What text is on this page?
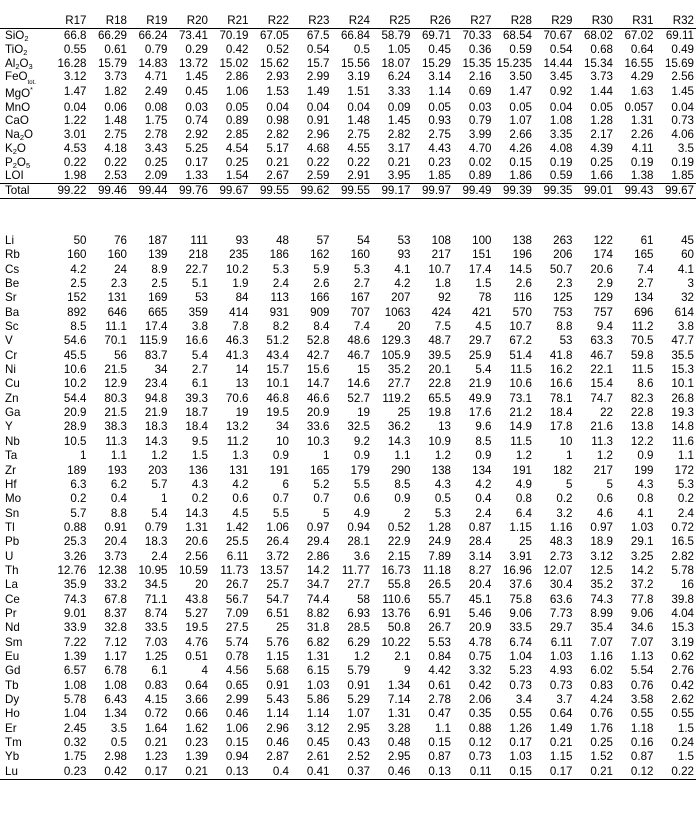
	R17	R18	R19	R20	R21	R22	R23	R24	R25	R26	R27	R28	R29	R30	R31	R32
SiO$_2$	66.8	66.29	66.24	73.41	70.19	67.05	67.5	66.84	58.79	69.71	70.33	68.54	70.67	68.02	67.02	69.11
TiO$_2$	0.55	0.61	0.79	0.29	0.42	0.52	0.54	0.5	1.05	0.45	0.36	0.59	0.54	0.68	0.64	0.49
$Al_2O_3$	16.28	15.79	14.83	13.72	15.02	15.62	15.7	15.56	18.07	15.29	15.35	15.235	14.44	15.34	16.55	15.69
FeO$_{tot.}$	3.12	3.73	4.71	1.45	2.86	2.93	2.99	3.19	6.24	3.14	2.16	3.50	3.45	3.73	4.29	2.56
MgO*	1.47	1.82	2.49	0.45	1.06	1.53	1.49	1.51	3.33	1.14	0.69	1.47	0.92	1.44	1.63	1.45
MnO	0.04	0.06	0.08	0.03	0.05	0.04	0.04	0.04	0.09	0.05	0.03	0.05	0.04	0.05	0.057	0.04
CaO	1.22	1.48	1.75	0.74	0.89	0.98	0.91	1.48	1.45	0.93	0.79	1.07	1.08	1.28	1.31	0.73
$Na_2O$	3.01	2.75	2.78	2.92	2.85	2.82	2.96	2.75	2.82	2.75	3.99	2.66	3.35	2.17	2.26	4.06
$K_2O$	4.53	4.18	3.43	5.25	4.54	5.17	4.68	4.55	3.17	4.43	4.70	4.26	4.08	4.39	4.11	3.5
$P_2O_5$	0.22	0.22	0.25	0.17	0.25	0.21	0.22	0.22	0.21	0.23	0.02	0.15	0.19	0.25	0.19	0.19
LOI	1.98	2.53	2.09	1.33	1.54	2.67	2.59	2.91	3.95	1.85	0.89	1.86	0.59	1.66	1.38	1.85
Total	99.22	99.46	99.44	99.76	99.67	99.55	99.62	99.55	99.17	99.97	99.49	99.39	99.35	99.01	99.43	99.67
Li	50	76	187	111	93	48	57	54	53	108	100	138	263	122	61	45
Rb	160	160	139	218	235	186	162	160	93	217	151	196	206	174	165	60
Cs	4.2	24	8.9	22.7	10.2	5.3	5.9	5.3	4.1	10.7	17.4	14.5	50.7	20.6	7.4	4.1
Be	2.5	2.3	2.5	5.1	1.9	2.4	2.6	2.7	4.2	1.8	1.5	2.6	2.3	2.9	2.7	3
Sr	152	131	169	53	84	113	166	167	207	92	78	116	125	129	134	32
Ba	892	646	665	359	414	931	909	707	1063	424	421	570	753	757	696	614
Sc	8.5	11.1	17.4	3.8	7.8	8.2	8.4	7.4	20	7.5	4.5	10.7	8.8	9.4	11.2	3.8
V	54.6	70.1	115.9	16.6	46.3	51.2	52.8	48.6	129.3	48.7	29.7	67.2	53	63.3	70.5	47.7
Cr	45.5	56	83.7	5.4	41.3	43.4	42.7	46.7	105.9	39.5	25.9	51.4	41.8	46.7	59.8	35.5
Ni	10.6	21.5	34	2.7	14	15.7	15.6	15	35.2	20.1	5.4	11.5	16.2	22.1	11.5	15.3
Cu	10.2	12.9	23.4	6.1	13	10.1	14.7	14.6	27.7	22.8	21.9	10.6	16.6	15.4	8.6	10.1
Zn	54.4	80.3	94.8	39.3	70.6	46.8	46.6	52.7	119.2	65.5	49.9	73.1	78.1	74.7	82.3	26.8
Ga	20.9	21.5	21.9	18.7	19	19.5	20.9	19	25	19.8	17.6	21.2	18.4	22	22.8	19.3
Y	28.9	38.3	18.3	18.4	13.2	34	33.6	32.5	36.2	13	9.6	14.9	17.8	21.6	13.8	14.8
Nb	10.5	11.3	14.3	9.5	11.2	10	10.3	9.2	14.3	10.9	8.5	11.5	10	11.3	12.2	11.6
Ta	1	1.1	1.2	1.5	1.3	0.9	1	0.9	1.1	1.2	0.9	1.2	1	1.2	0.9	1.1
Zr	189	193	203	136	131	191	165	179	290	138	134	191	182	217	199	172
Hf	6.3	6.2	5.7	4.3	4.2	6	5.2	5.5	8.5	4.3	4.2	4.9	5	5	4.3	5.3
Mo	0.2	0.4	1	0.2	0.6	0.7	0.7	0.6	0.9	0.5	0.4	0.8	0.2	0.6	0.8	0.2
Sn	5.7	8.8	5.4	14.3	4.5	5.5	5	4.9	2	5.3	2.4	6.4	3.2	4.6	4.1	2.4
Tl	0.88	0.91	0.79	1.31	1.42	1.06	0.97	0.94	0.52	1.28	0.87	1.15	1.16	0.97	1.03	0.72
Pb	25.3	20.4	18.3	20.6	25.5	26.4	29.4	28.1	22.9	24.9	28.4	25	48.3	18.9	29.1	16.5
U	3.26	3.73	2.4	2.56	6.11	3.72	2.86	3.6	2.15	7.89	3.14	3.91	2.73	3.12	3.25	2.82
Th	12.76	12.38	10.95	10.59	11.73	13.57	14.2	11.77	16.73	11.18	8.27	16.96	12.07	12.5	14.2	5.78
La	35.9	33.2	34.5	20	26.7	25.7	34.7	27.7	55.8	26.5	20.4	37.6	30.4	35.2	37.2	16
Ce	74.3	67.8	71.1	43.8	56.7	54.7	74.4	58	110.6	55.7	45.1	75.8	63.6	74.3	77.8	39.8
Pr	9.01	8.37	8.74	5.27	7.09	6.51	8.82	6.93	13.76	6.91	5.46	9.06	7.73	8.99	9.06	4.04
Nd	33.9	32.8	33.5	19.5	27.5	25	31.8	28.5	50.8	26.7	20.9	33.5	29.7	35.4	34.6	15.3
Sm	7.22	7.12	7.03	4.76	5.74	5.76	6.82	6.29	10.22	5.53	4.78	6.74	6.11	7.07	7.07	3.19
Eu	1.39	1.17	1.25	0.51	0.78	1.15	1.31	1.2	2.1	0.84	0.75	1.04	1.03	1.16	1.13	0.62
Gd	6.57	6.78	6.1	4	4.56	5.68	6.15	5.79	9	4.42	3.32	5.23	4.93	6.02	5.54	2.76
Tb	1.08	1.08	0.83	0.64	0.65	0.91	1.03	0.91	1.34	0.61	0.42	0.73	0.73	0.83	0.76	0.42
Dy	5.78	6.43	4.15	3.66	2.99	5.43	5.86	5.29	7.14	2.78	2.06	3.4	3.7	4.24	3.58	2.62
Ho	1.04	1.34	0.72	0.66	0.46	1.14	1.14	1.07	1.31	0.47	0.35	0.55	0.64	0.76	0.55	0.55
Er	2.45	3.5	1.64	1.62	1.06	2.96	3.12	2.95	3.28	1.1	0.88	1.26	1.49	1.76	1.18	1.5
Tm	0.32	0.5	0.21	0.23	0.15	0.46	0.45	0.43	0.48	0.15	0.12	0.17	0.21	0.25	0.16	0.24
Yb	1.75	2.98	1.23	1.39	0.94	2.87	2.61	2.52	2.95	0.87	0.73	1.03	1.15	1.52	0.87	1.5
Lu	0.23	0.42	0.17	0.21	0.13	0.4	0.41	0.37	0.46	0.13	0.11	0.15	0.17	0.21	0.12	0.22
